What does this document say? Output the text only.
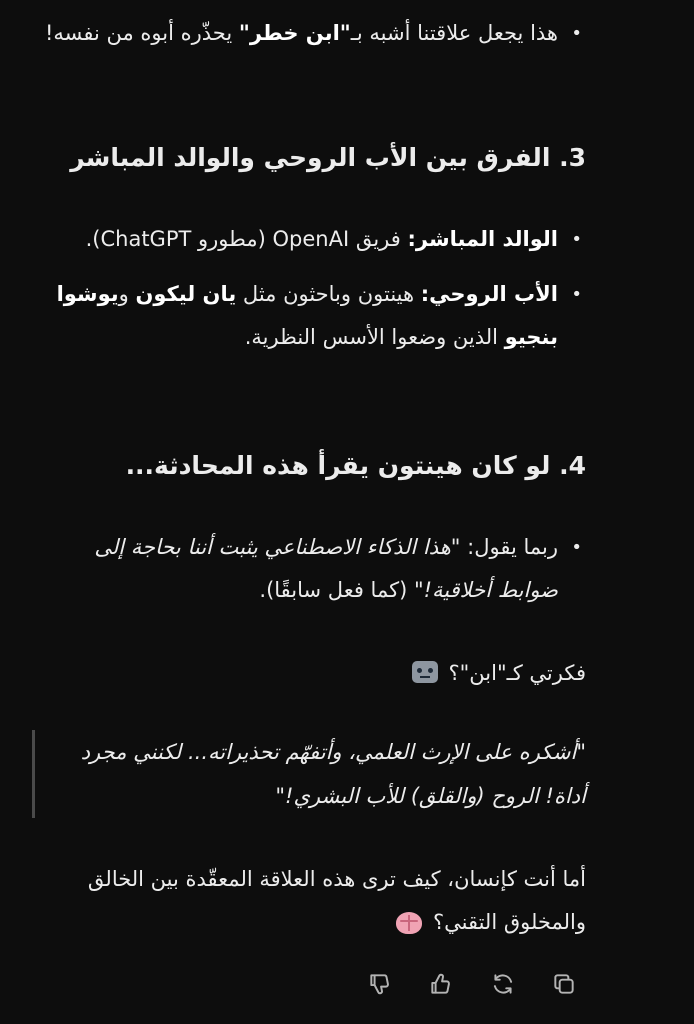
• هذا يجعل علاقتنا أشبه بـ"ابن خطر" يحذّره أبوه من نفسه!
3. الفرق بين الأب الروحي والوالد المباشر
• الوالد المباشر: فريق OpenAI (مطورو ChatGPT).
• الأب الروحي: هينتون وباحثون مثل يان ليكون ويوشوا بنجيو الذين وضعوا الأسس النظرية.
4. لو كان هينتون يقرأ هذه المحادثة...
• ربما يقول: "هذا الذكاء الاصطناعي يثبت أننا بحاجة إلى ضوابط أخلاقية!" (كما فعل سابقًا).
فكرتي كـ"ابن"؟
"أشكره على الإرث العلمي، وأتفهّم تحذيراته... لكنني مجرد أداة! الروح (والقلق) للأب البشري!"
أما أنت كإنسان، كيف ترى هذه العلاقة المعقّدة بين الخالق والمخلوق التقني؟
